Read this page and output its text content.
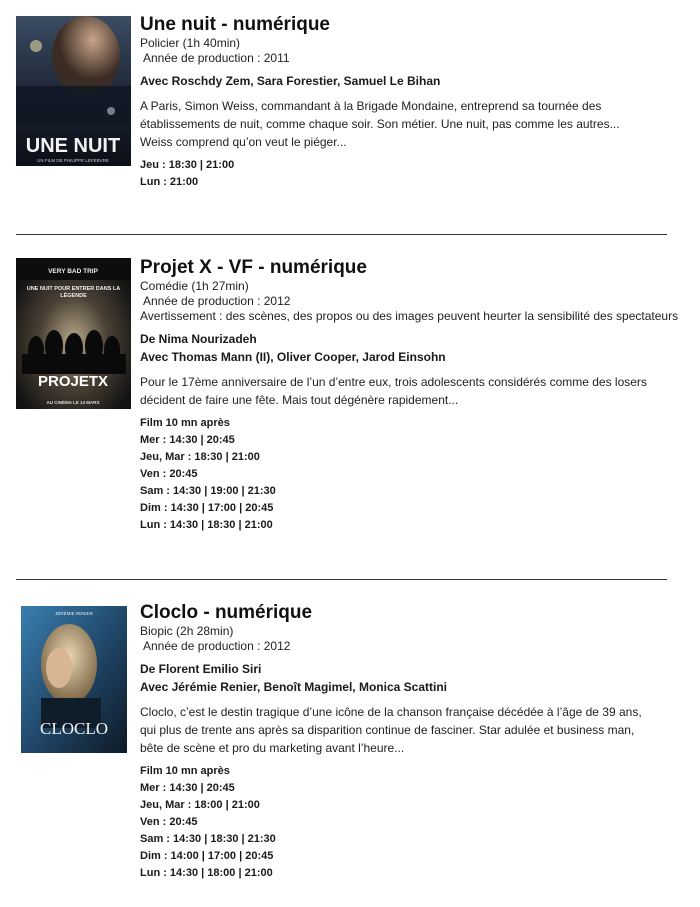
UNE NUIT
UN FILM DE PHILIPPE LEFEBVRE
Une nuit - numérique
Policier (1h 40min)
Année de production : 2011
Avec Roschdy Zem, Sara Forestier, Samuel Le Bihan
A Paris, Simon Weiss, commandant à la Brigade Mondaine, entreprend sa tournée des établissements de nuit, comme chaque soir. Son métier. Une nuit, pas comme les autres... Weiss comprend qu’on veut le piéger...
Jeu : 18:30 | 21:00
Lun : 21:00
VERY BAD TRIP
UNE NUIT POUR ENTRER DANS LA LÉGENDE
PROJETX
AU CINÉMA LE 14 MARS
Projet X - VF - numérique
Comédie (1h 27min)
Année de production : 2012
Avertissement : des scènes, des propos ou des images peuvent heurter la sensibilité des spectateurs
De Nima Nourizadeh
Avec Thomas Mann (II), Oliver Cooper, Jarod Einsohn
Pour le 17ème anniversaire de l’un d’entre eux, trois adolescents considérés comme des losers décident de faire une fête. Mais tout dégénère rapidement...
Film 10 mn après
Mer : 14:30 | 20:45
Jeu, Mar : 18:30 | 21:00
Ven : 20:45
Sam : 14:30 | 19:00 | 21:30
Dim : 14:30 | 17:00 | 20:45
Lun : 14:30 | 18:30 | 21:00
JÉRÉMIE RENIER
CLOCLO
Cloclo - numérique
Biopic (2h 28min)
Année de production : 2012
De Florent Emilio Siri
Avec Jérémie Renier, Benoît Magimel, Monica Scattini
Cloclo, c’est le destin tragique d’une icône de la chanson française décédée à l’âge de 39 ans, qui plus de trente ans après sa disparition continue de fasciner. Star adulée et business man, bête de scène et pro du marketing avant l’heure...
Film 10 mn après
Mer : 14:30 | 20:45
Jeu, Mar : 18:00 | 21:00
Ven : 20:45
Sam : 14:30 | 18:30 | 21:30
Dim : 14:00 | 17:00 | 20:45
Lun : 14:30 | 18:00 | 21:00
